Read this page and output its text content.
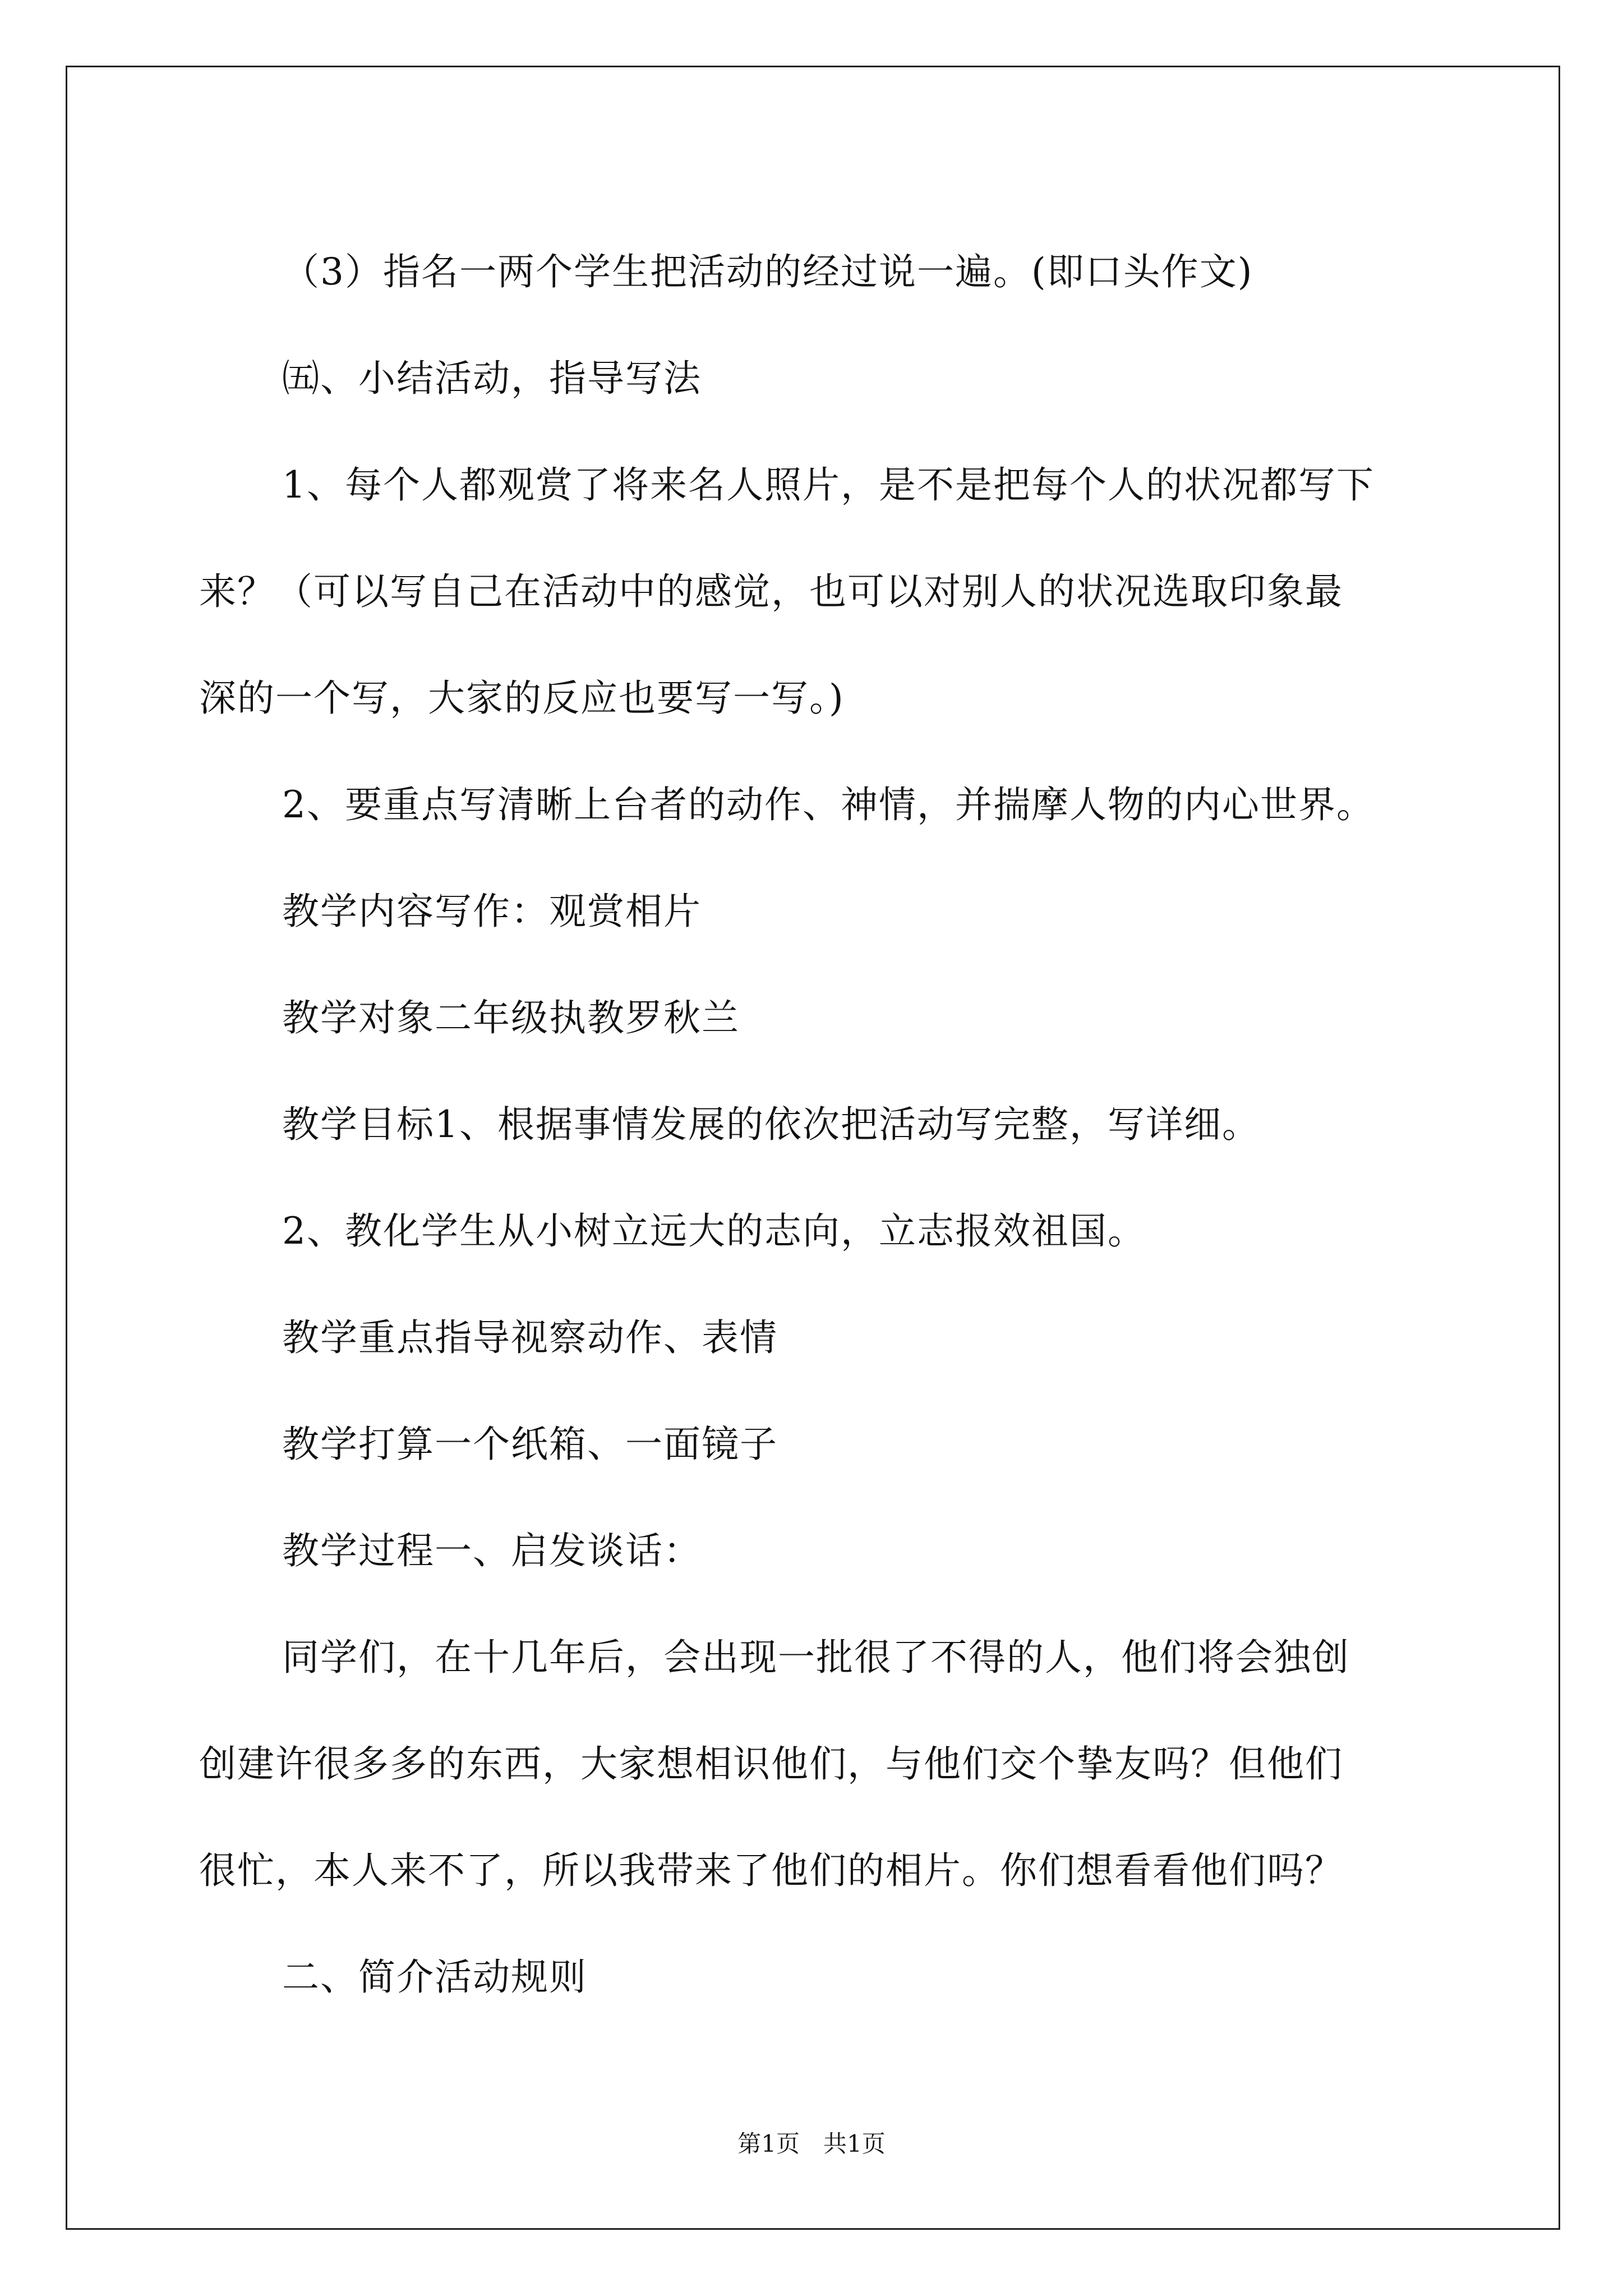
（3）指名一两个学生把活动的经过说一遍。(即口头作文)

㈤、小结活动，指导写法

1、每个人都观赏了将来名人照片，是不是把每个人的状况都写下

来？（可以写自己在活动中的感觉，也可以对别人的状况选取印象最

深的一个写，大家的反应也要写一写。)

2、要重点写清晰上台者的动作、神情，并揣摩人物的内心世界。

教学内容写作：观赏相片

教学对象二年级执教罗秋兰

教学目标1、根据事情发展的依次把活动写完整，写详细。

2、教化学生从小树立远大的志向，立志报效祖国。

教学重点指导视察动作、表情

教学打算一个纸箱、一面镜子

教学过程一、启发谈话：

同学们，在十几年后，会出现一批很了不得的人，他们将会独创

创建许很多多的东西，大家想相识他们，与他们交个挚友吗？但他们

很忙，本人来不了，所以我带来了他们的相片。你们想看看他们吗？

二、简介活动规则

第1页　共1页
